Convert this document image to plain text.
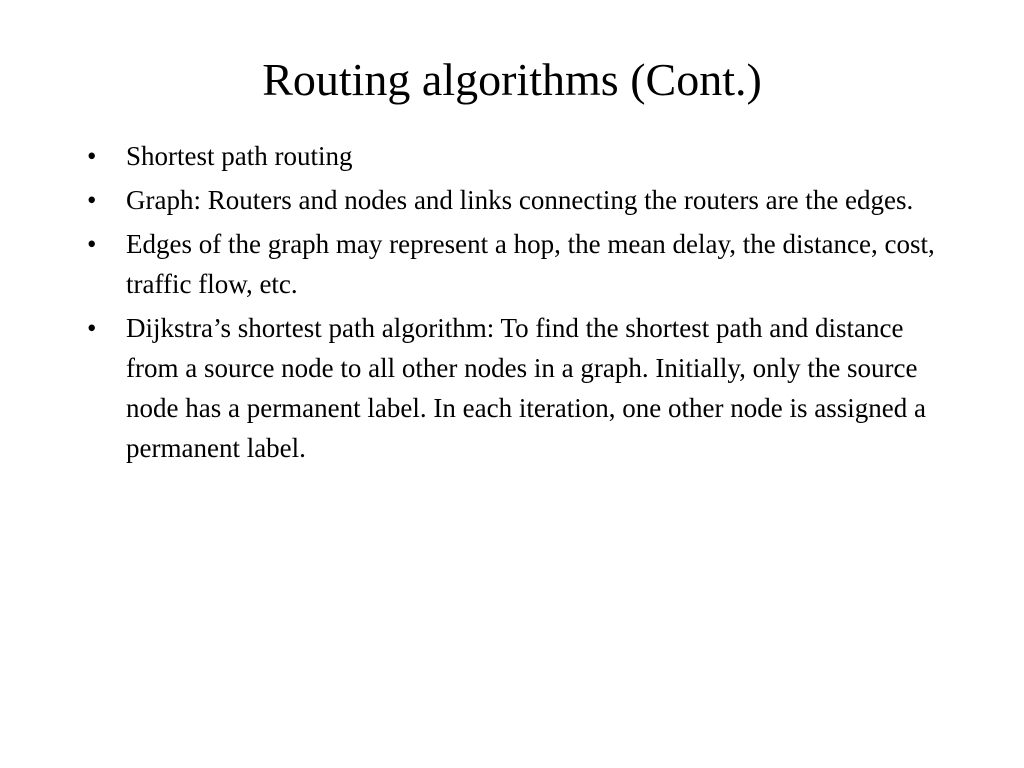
Routing algorithms (Cont.)
•	Shortest path routing
•	Graph: Routers and nodes and links connecting the routers are the edges.
•	Edges of the graph may represent a hop, the mean delay, the distance, cost, traffic flow, etc.
•	Dijkstra’s shortest path algorithm: To find the shortest path and distance from a source node to all other nodes in a graph. Initially, only the source node has a permanent label. In each iteration, one other node is assigned a permanent label.
